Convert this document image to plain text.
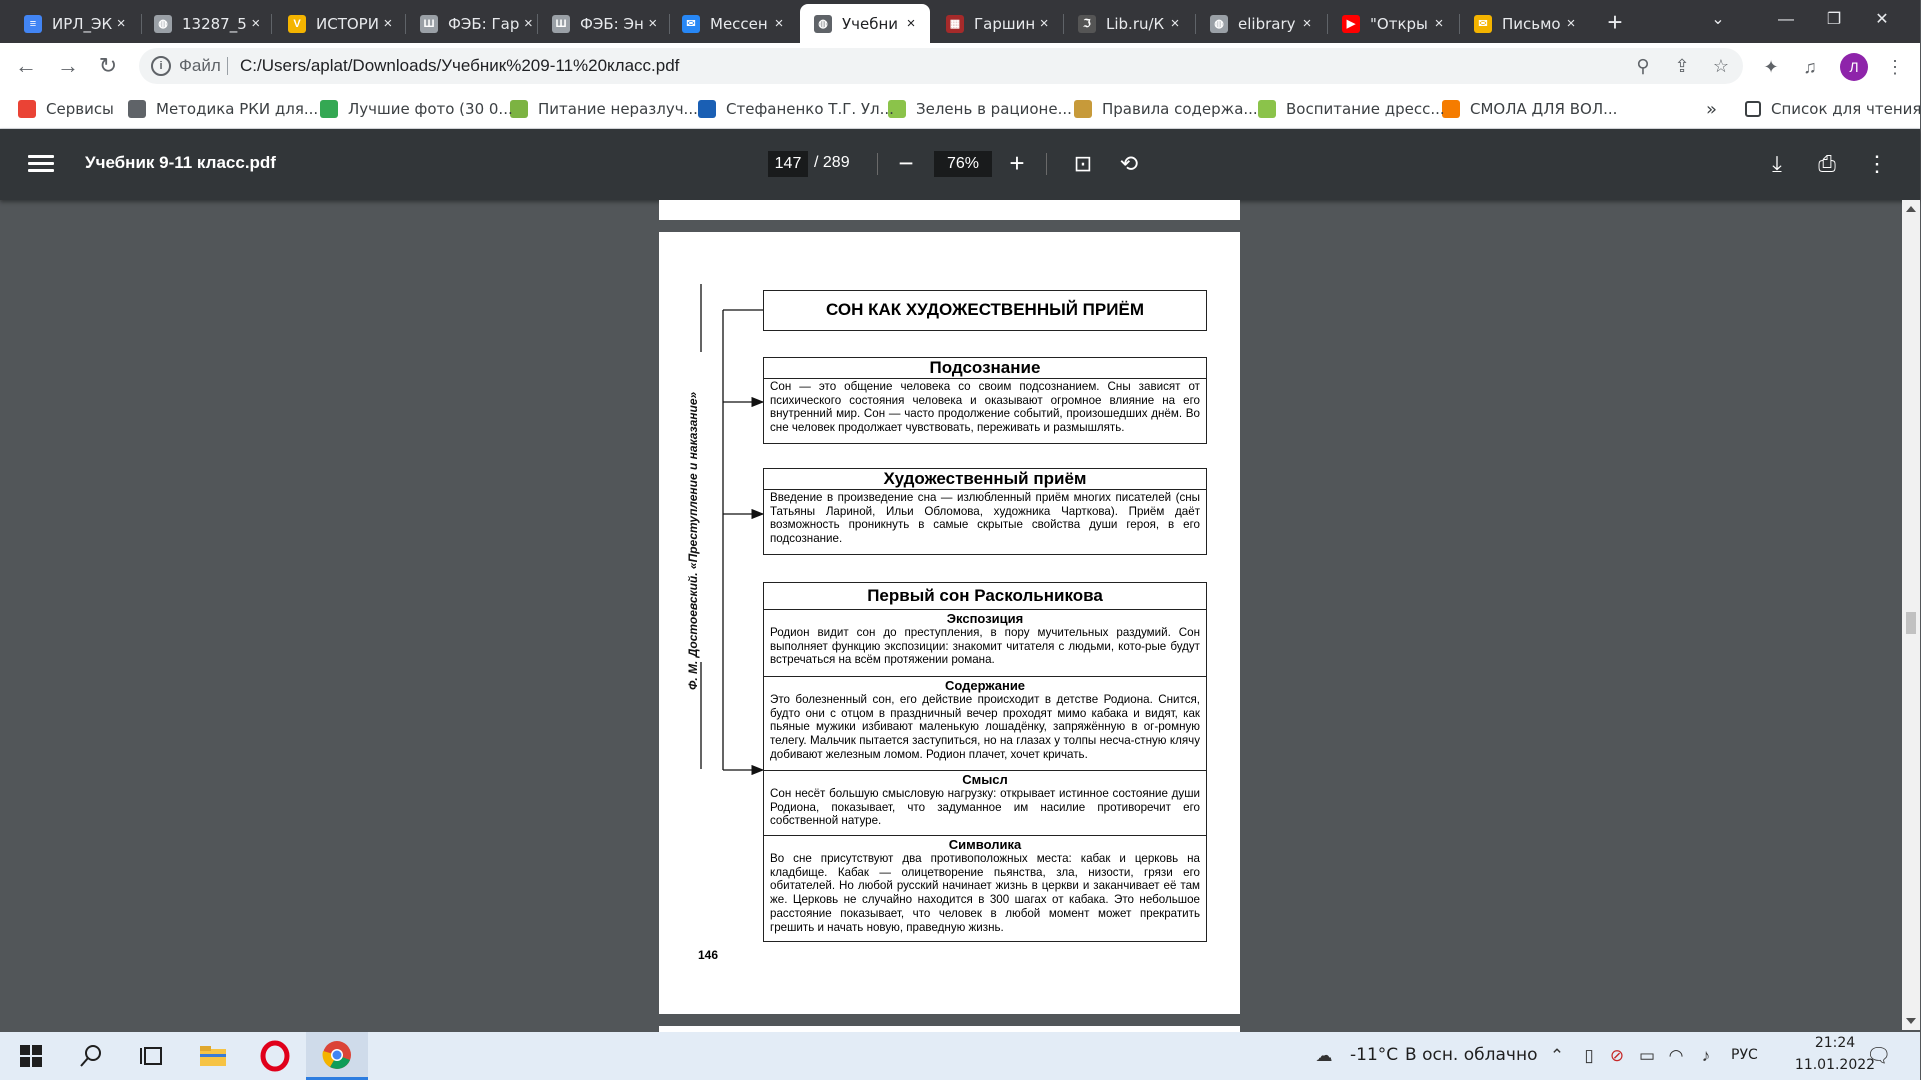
≡	ИРЛ_ЭК ×	◍ 13287_5 ×	V	ИСТОРИ ×	Ш ФЭБ: Гар ×	Ш ФЭБ: Эн ×	✉ Мессен ×	◍ Учебни ×	▦ Гаршин ×	ℑ	Lib.ru/К ×	◍ elibrary ×	▶ "Откры ×	✉ Письмо ×	+	⌄	—	❐	✕
← → ↻	i Файл C:/Users/aplat/Downloads/Учебник%209-11%20класс.pdf	⚲ ⇪ ☆	✦	♫	Л	⋮
СМОЛА ДЛЯ ВОЛ...
Воспитание дресс...
Правила содержа...
Зелень в рационе...
Стефаненко Т.Г. Ул...
Питание неразлуч...
Лучшие фото (30 0...
Методика РКИ для...
Сервисы	»	Список для чтения
Учебник 9-11 класс.pdf	147 / 289 −	76%	+	⊡ ⟲	⤓	⎙ ⋮
Ф. М. Достоевский. «Преступление и наказание»
СОН КАК ХУДОЖЕСТВЕННЫЙ ПРИЁМ
Подсознание
Сон — это общение человека со своим подсознанием. Сны зависят от психического состояния человека и оказывают огромное влияние на его внутренний мир. Сон — часто продолжение событий, произошедших днём. Во сне человек продолжает чувствовать, переживать и размышлять.
Художественный приём
Введение в произведение сна — излюбленный приём многих писателей (сны Татьяны Лариной, Ильи Обломова, художника Чарткова). Приём даёт возможность проникнуть в самые скрытые свойства души героя, в его подсознание.
Первый сон Раскольникова
Экспозиция
Родион видит сон до преступления, в пору мучительных раздумий. Сон выполняет функцию экспозиции: знакомит читателя с людьми, кото-рые будут встречаться на всём протяжении романа.
Содержание
Это болезненный сон, его действие происходит в детстве Родиона. Снится, будто они с отцом в праздничный вечер проходят мимо кабака и видят, как пьяные мужики избивают маленькую лошадёнку, запряжённую в ог-ромную телегу. Мальчик пытается заступиться, но на глазах у толпы несча-стную клячу добивают железным ломом. Родион плачет, хочет кричать.
Смысл
Сон несёт большую смысловую нагрузку: открывает истинное состояние души Родиона, показывает, что задуманное им насилие противоречит его собственной натуре.
Символика
Во сне присутствуют два противоположных места: кабак и церковь на кладбище. Кабак — олицетворение пьянства, зла, низости, грязи его обитателей. Но любой русский начинает жизнь в церкви и заканчивает её там же. Церковь не случайно находится в 300 шагах от кабака. Это небольшое расстояние показывает, что человек в любой момент может прекратить грешить и начать новую, праведную жизнь.
146
☁ -11°C В осн. облачно ⌃	▯ ⊘ ▭ ◠	♪	РУС
21:24
11.01.2022
🗨
